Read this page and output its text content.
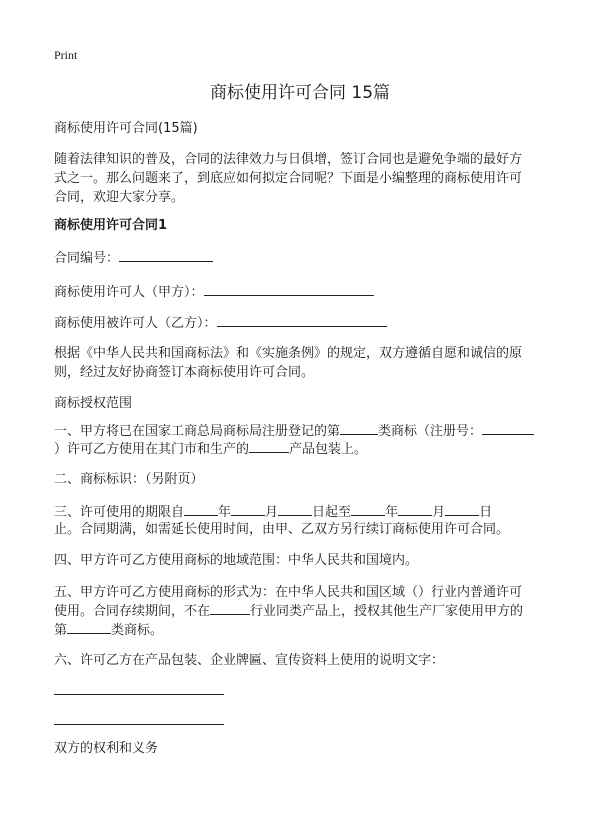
Print
商标使用许可合同 15篇
商标使用许可合同(15篇)
随着法律知识的普及，合同的法律效力与日俱增，签订合同也是避免争端的最好方
式之一。那么问题来了，到底应如何拟定合同呢？下面是小编整理的商标使用许可
合同，欢迎大家分享。
商标使用许可合同1
合同编号：
商标使用许可人（甲方）：
商标使用被许可人（乙方）：
根据《中华人民共和国商标法》和《实施条例》的规定，双方遵循自愿和诚信的原
则，经过友好协商签订本商标使用许可合同。
商标授权范围
一、甲方将已在国家工商总局商标局注册登记的第	类商标（注册号：
）许可乙方使用在其门市和生产的	产品包装上。
二、商标标识：（另附页）
三、许可使用的期限自	年	月	日起至	年	月	日
止。合同期满，如需延长使用时间，由甲、乙双方另行续订商标使用许可合同。
四、甲方许可乙方使用商标的地域范围：中华人民共和国境内。
五、甲方许可乙方使用商标的形式为：在中华人民共和国区域（）行业内普通许可
使用。合同存续期间，不在	行业同类产品上，授权其他生产厂家使用甲方的
第	类商标。
六、许可乙方在产品包装、企业牌匾、宣传资料上使用的说明文字：
双方的权利和义务
